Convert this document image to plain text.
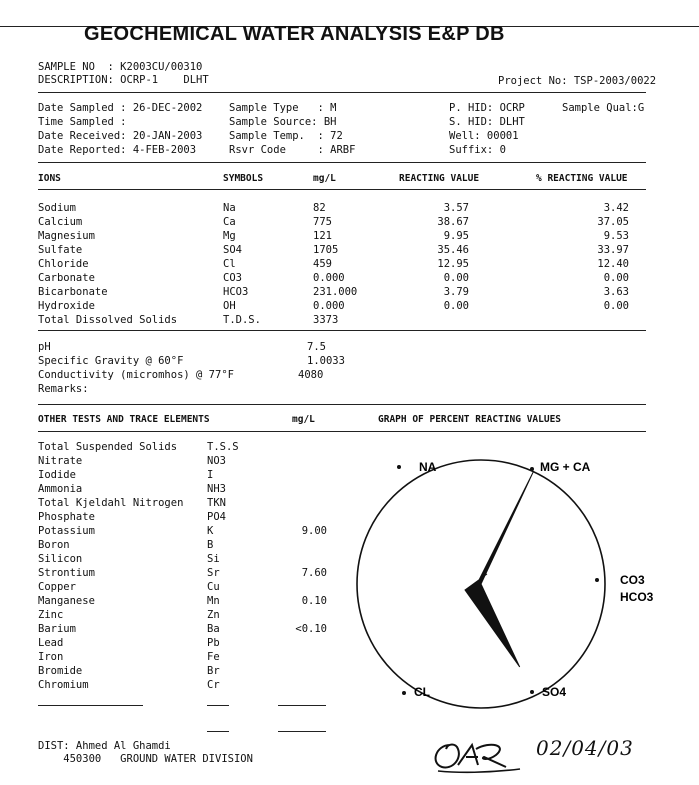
GEOCHEMICAL WATER ANALYSIS E&P DB
SAMPLE NO  : K2003CU/00310
DESCRIPTION: OCRP-1    DLHT	Project No: TSP-2003/0022
Date Sampled : 26-DEC-2002
Time Sampled :
Date Received: 20-JAN-2003
Date Reported: 4-FEB-2003
Sample Type   : M
Sample Source: BH
Sample Temp.  : 72
Rsvr Code     : ARBF
P. HID: OCRP
S. HID: DLHT
Well: 00001
Suffix: 0
Sample Qual:G
IONS	SYMBOLS	mg/L	REACTING VALUE	% REACTING VALUE
Sodium	Na	82	3.57	3.42
Calcium	Ca	775	38.67	37.05
Magnesium	Mg	121	9.95	9.53
Sulfate	SO4	1705	35.46	33.97
Chloride	Cl	459	12.95	12.40
Carbonate	CO3	0.000	0.00	0.00
Bicarbonate	HCO3	231.000	3.79	3.63
Hydroxide	OH	0.000	0.00	0.00
Total Dissolved Solids	T.D.S.	3373
pH	7.5
Specific Gravity @ 60°F	1.0033
Conductivity (micromhos) @ 77°F	4080
Remarks:
OTHER TESTS AND TRACE ELEMENTS	mg/L	GRAPH OF PERCENT REACTING VALUES
Total Suspended Solids	T.S.S
Nitrate	NO3
Iodide	I
Ammonia	NH3
Total Kjeldahl Nitrogen TKN
Phosphate	PO4
Potassium	K	9.00
Boron	B
Silicon	Si
Strontium	Sr	7.60
Copper	Cu
Manganese	Mn	0.10
Zinc	Zn
Barium	Ba	<0.10
Lead	Pb
Iron	Fe
Bromide	Br
Chromium	Cr
NA	MG + CA
CO3
HCO3
CL	SO4
DIST: Ahmed Al Ghamdi
450300   GROUND WATER DIVISION	02/04/03
